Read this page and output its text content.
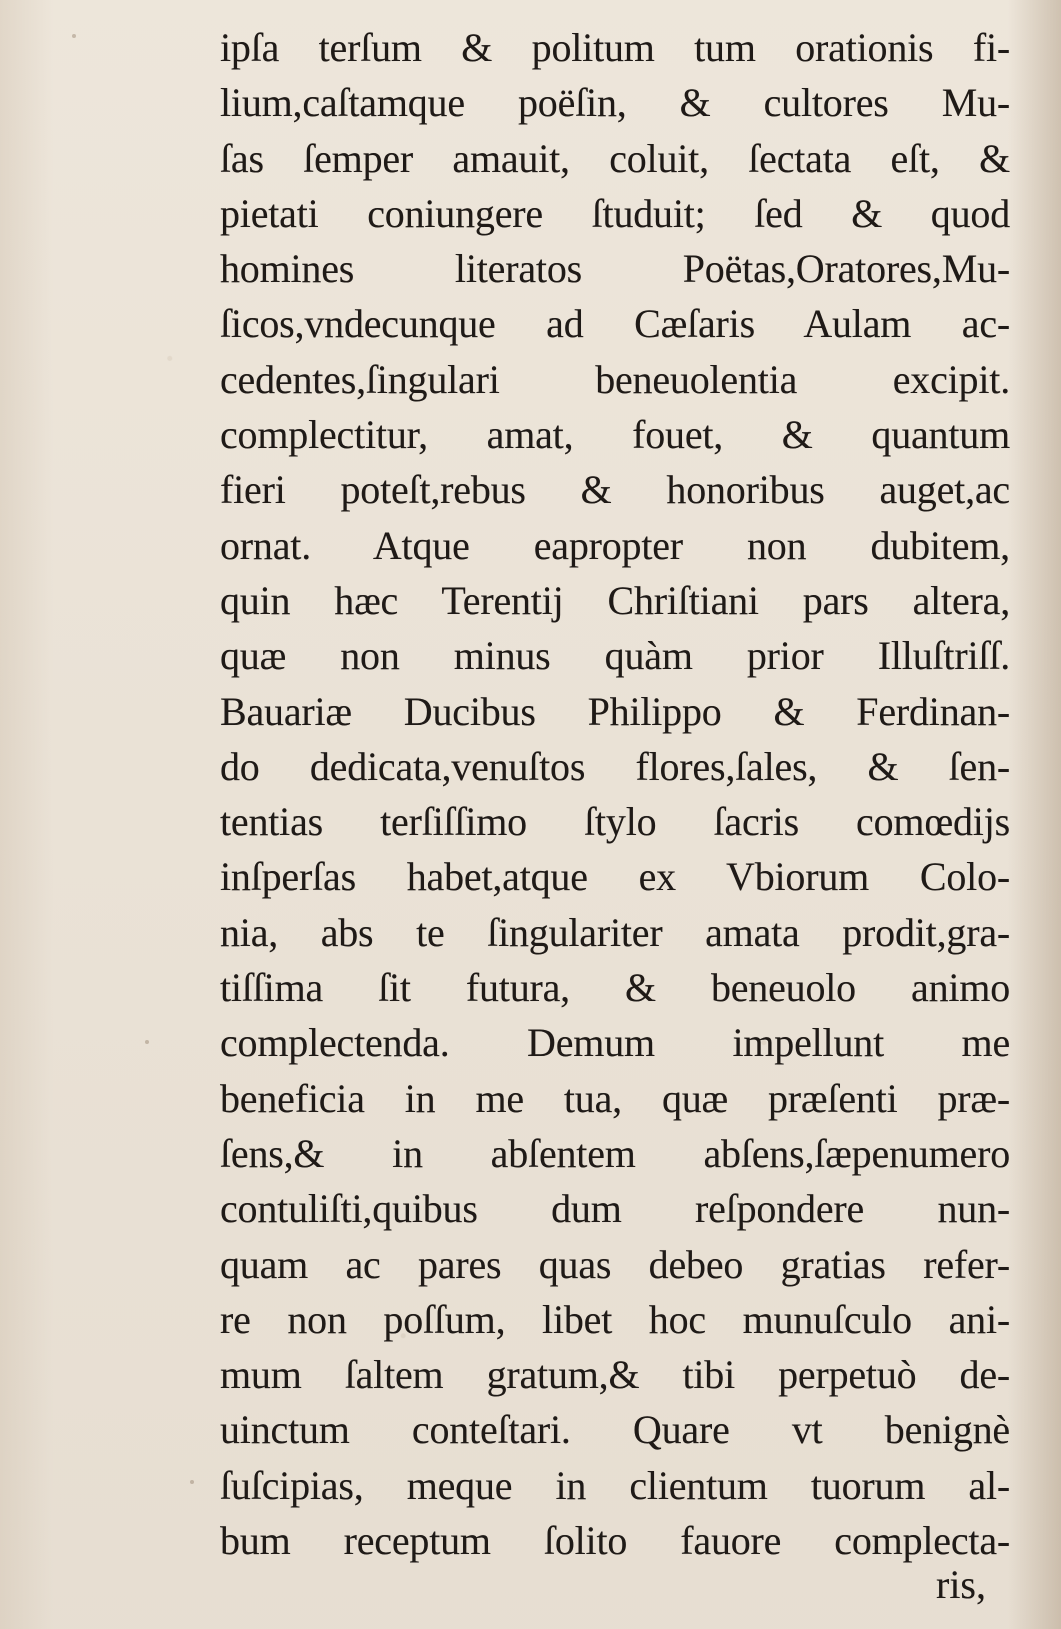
ipſa terſum & politum tum orationis fi-
lium,caſtamque poëſin, & cultores Mu-
ſas ſemper amauit, coluit, ſectata eſt, &
pietati coniungere ſtuduit; ſed & quod
homines literatos Poëtas,Oratores,Mu-
ſicos,vndecunque ad Cæſaris Aulam ac-
cedentes,ſingulari beneuolentia excipit.
complectitur, amat, fouet, & quantum
fieri poteſt,rebus & honoribus auget,ac
ornat. Atque eapropter non dubitem,
quin hæc Terentij Chriſtiani pars altera,
quæ non minus quàm prior Illuſtriſſ.
Bauariæ Ducibus Philippo & Ferdinan-
do dedicata,venuſtos flores,ſales, & ſen-
tentias terſiſſimo ſtylo ſacris comœdijs
inſperſas habet,atque ex Vbiorum Colo-
nia, abs te ſingulariter amata prodit,gra-
tiſſima ſit futura, & beneuolo animo
complectenda. Demum impellunt me
beneficia in me tua, quæ præſenti præ-
ſens,& in abſentem abſens,ſæpenumero
contuliſti,quibus dum reſpondere nun-
quam ac pares quas debeo gratias refer-
re non poſſum, libet hoc munuſculo ani-
mum ſaltem gratum,& tibi perpetuò de-
uinctum conteſtari. Quare vt benignè
ſuſcipias, meque in clientum tuorum al-
bum receptum ſolito fauore complecta-
ris,
